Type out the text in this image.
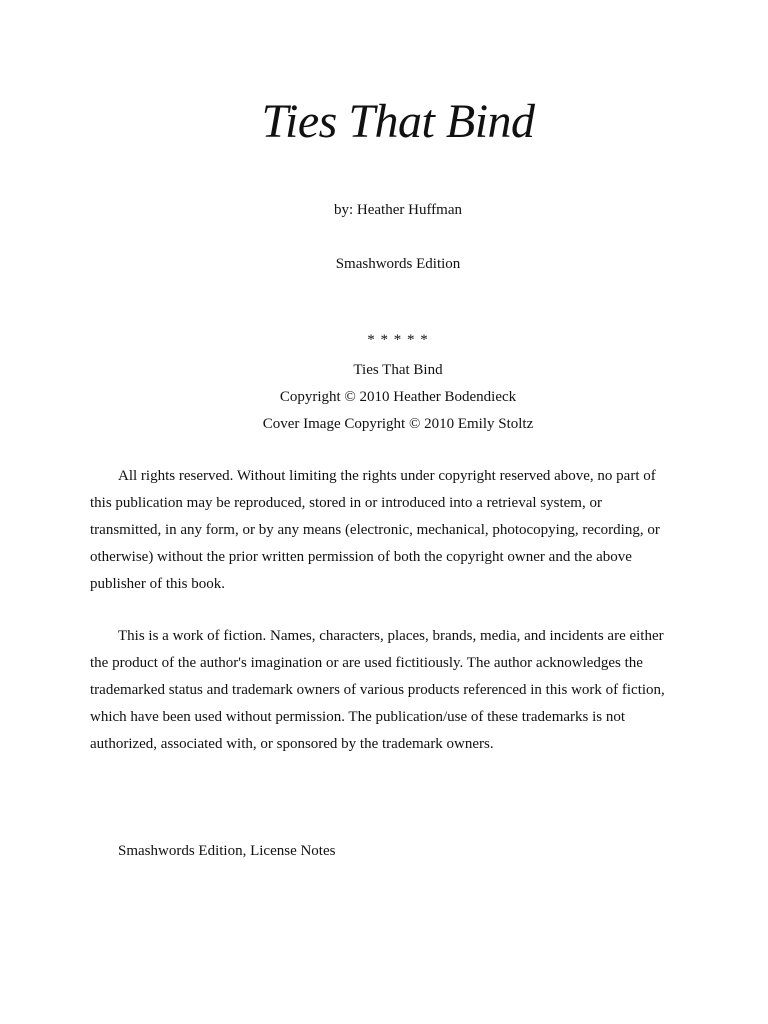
Ties That Bind

by: Heather Huffman

Smashwords Edition

* * * * *

Ties That Bind

Copyright © 2010 Heather Bodendieck

Cover Image Copyright © 2010 Emily Stoltz

All rights reserved. Without limiting the rights under copyright reserved above, no part of this publication may be reproduced, stored in or introduced into a retrieval system, or transmitted, in any form, or by any means (electronic, mechanical, photocopying, recording, or otherwise) without the prior written permission of both the copyright owner and the above publisher of this book.

This is a work of fiction. Names, characters, places, brands, media, and incidents are either the product of the author's imagination or are used fictitiously. The author acknowledges the trademarked status and trademark owners of various products referenced in this work of fiction, which have been used without permission. The publication/use of these trademarks is not authorized, associated with, or sponsored by the trademark owners.

Smashwords Edition, License Notes
